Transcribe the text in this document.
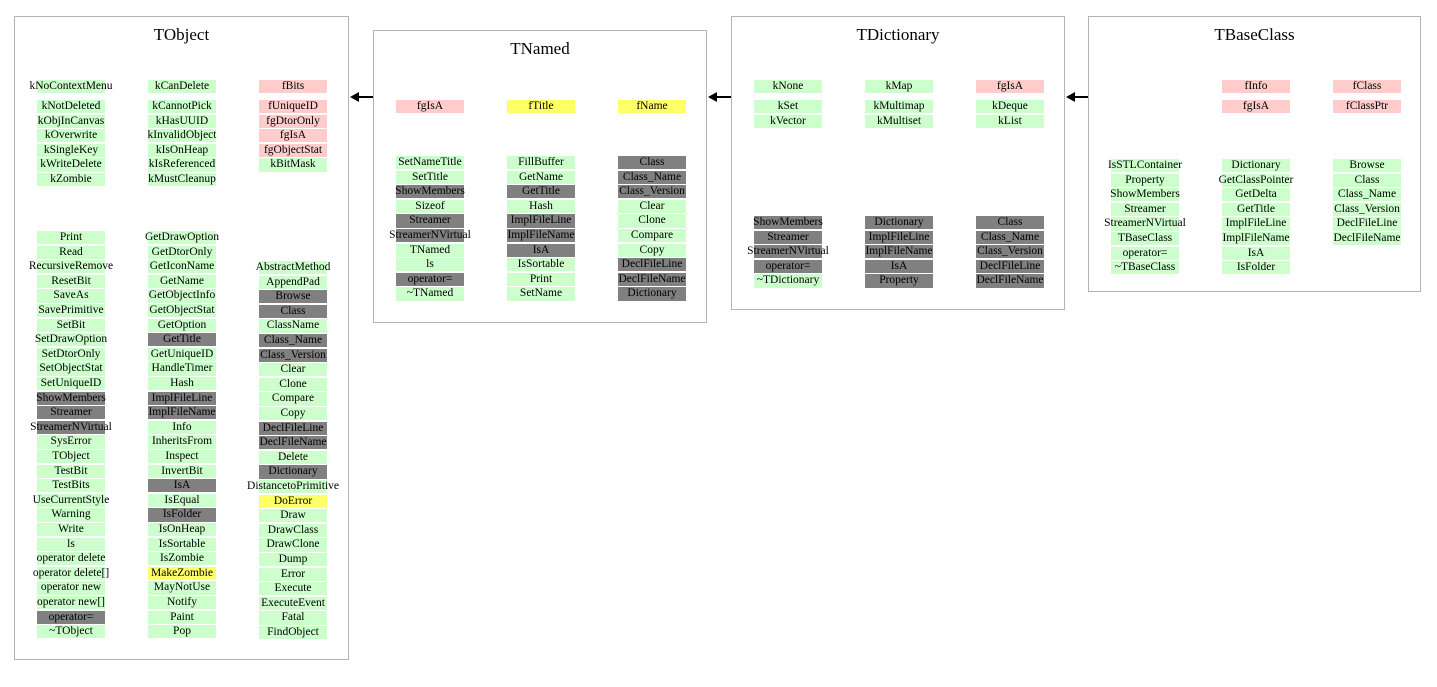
TObject
kNoContextMenu
kNotDeleted
kObjInCanvas
kOverwrite
kSingleKey
kWriteDelete
kZombie
Print
Read
RecursiveRemove
ResetBit
SaveAs
SavePrimitive
SetBit
SetDrawOption
SetDtorOnly
SetObjectStat
SetUniqueID
ShowMembers
Streamer
StreamerNVirtual
SysError
TObject
TestBit
TestBits
UseCurrentStyle
Warning
Write
ls
operator delete
operator delete[]
operator new
operator new[]
operator=
~TObject
kCanDelete
kCannotPick
kHasUUID
kInvalidObject
kIsOnHeap
kIsReferenced
kMustCleanup
GetDrawOption
GetDtorOnly
GetIconName
GetName
GetObjectInfo
GetObjectStat
GetOption
GetTitle
GetUniqueID
HandleTimer
Hash
ImplFileLine
ImplFileName
Info
InheritsFrom
Inspect
InvertBit
IsA
IsEqual
IsFolder
IsOnHeap
IsSortable
IsZombie
MakeZombie
MayNotUse
Notify
Paint
Pop
fBits
fUniqueID
fgDtorOnly
fgIsA
fgObjectStat
kBitMask
AbstractMethod
AppendPad
Browse
Class
ClassName
Class_Name
Class_Version
Clear
Clone
Compare
Copy
DeclFileLine
DeclFileName
Delete
Dictionary
DistancetoPrimitive
DoError
Draw
DrawClass
DrawClone
Dump
Error
Execute
ExecuteEvent
Fatal
FindObject
TNamed
fgIsA
SetNameTitle
SetTitle
ShowMembers
Sizeof
Streamer
StreamerNVirtual
TNamed
ls
operator=
~TNamed
fTitle
FillBuffer
GetName
GetTitle
Hash
ImplFileLine
ImplFileName
IsA
IsSortable
Print
SetName
fName
Class
Class_Name
Class_Version
Clear
Clone
Compare
Copy
DeclFileLine
DeclFileName
Dictionary
TDictionary
kNone
kSet
kVector
ShowMembers
Streamer
StreamerNVirtual
operator=
~TDictionary
kMap
kMultimap
kMultiset
Dictionary
ImplFileLine
ImplFileName
IsA
Property
fgIsA
kDeque
kList
Class
Class_Name
Class_Version
DeclFileLine
DeclFileName
TBaseClass
IsSTLContainer
Property
ShowMembers
Streamer
StreamerNVirtual
TBaseClass
operator=
~TBaseClass
fInfo
fgIsA
Dictionary
GetClassPointer
GetDelta
GetTitle
ImplFileLine
ImplFileName
IsA
IsFolder
fClass
fClassPtr
Browse
Class
Class_Name
Class_Version
DeclFileLine
DeclFileName
